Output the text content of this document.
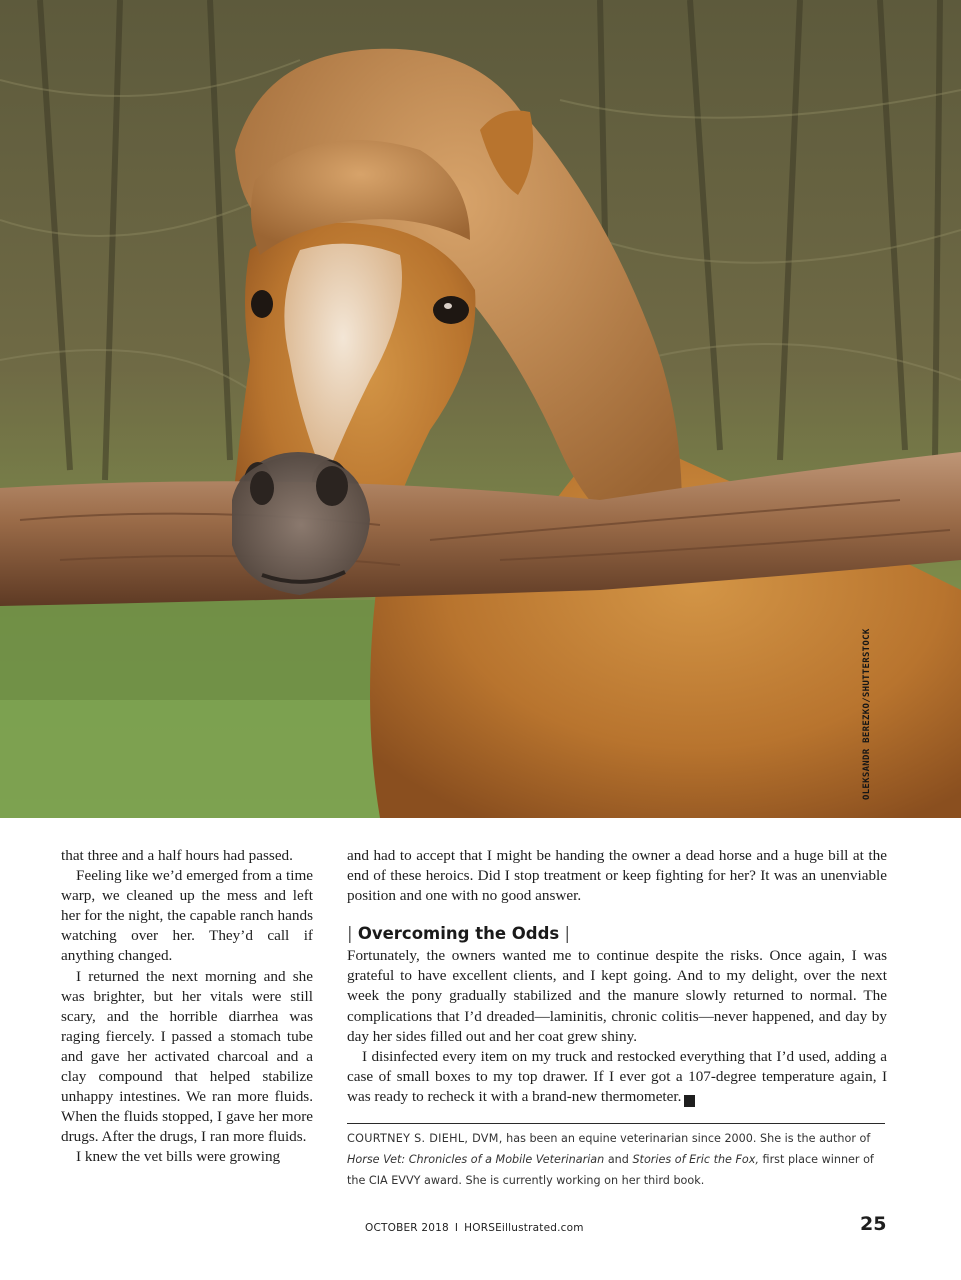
OLEKSANDR BEREZKO/SHUTTERSTOCK

that three and a half hours had passed.

Feeling like we’d emerged from a time warp, we cleaned up the mess and left her for the night, the capable ranch hands watching over her. They’d call if anything changed.

I returned the next morning and she was brighter, but her vitals were still scary, and the horrible diarrhea was raging fiercely. I passed a stomach tube and gave her activated charcoal and a clay compound that helped stabilize unhappy intestines. We ran more fluids. When the fluids stopped, I gave her more drugs. After the drugs, I ran more fluids.

I knew the vet bills were growing

and had to accept that I might be handing the owner a dead horse and a huge bill at the end of these heroics. Did I stop treatment or keep fighting for her? It was an unenviable position and one with no good answer.

| Overcoming the Odds |

Fortunately, the owners wanted me to continue despite the risks. Once again, I was grateful to have excellent clients, and I kept going. And to my delight, over the next week the pony gradually stabilized and the manure slowly returned to normal. The complications that I’d dreaded—laminitis, chronic colitis—never happened, and day by day her sides filled out and her coat grew shiny.

I disinfected every item on my truck and restocked everything that I’d used, adding a case of small boxes to my top drawer. If I ever got a 107-degree temperature again, I was ready to recheck it with a brand-new thermometer. HI

COURTNEY S. DIEHL, DVM, has been an equine veterinarian since 2000. She is the author of Horse Vet: Chronicles of a Mobile Veterinarian and Stories of Eric the Fox, first place winner of the CIA EVVY award. She is currently working on her third book.

OCTOBER 2018 I HORSEillustrated.com	25
